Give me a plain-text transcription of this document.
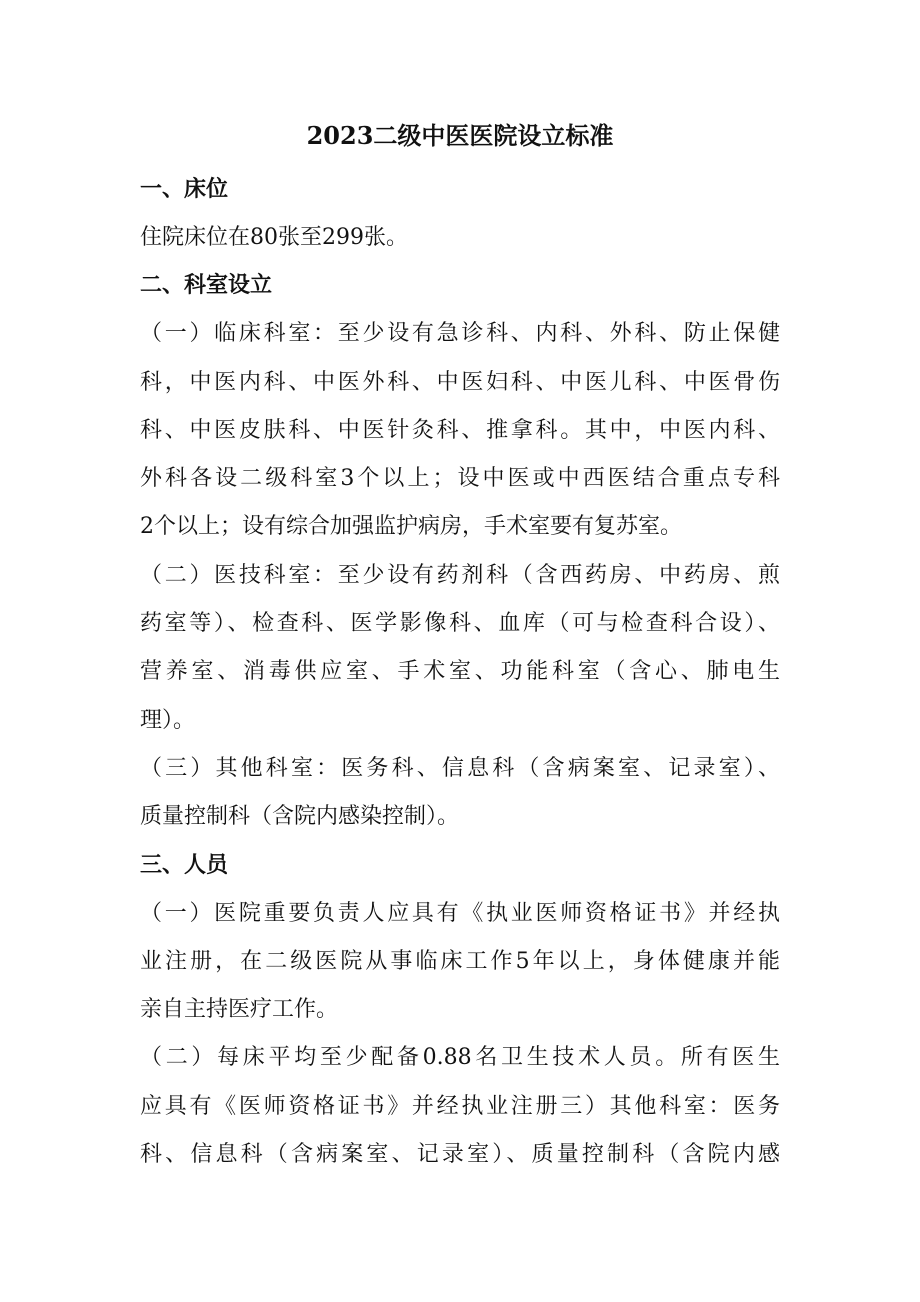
2023二级中医医院设立标准
一、床位
住院床位在80张至299张。
二、科室设立
（一）临床科室：至少设有急诊科、内科、外科、防止保健
科，中医内科、中医外科、中医妇科、中医儿科、中医骨伤
科、中医皮肤科、中医针灸科、推拿科。其中，中医内科、
外科各设二级科室3个以上；设中医或中西医结合重点专科
2个以上；设有综合加强监护病房，手术室要有复苏室。
（二）医技科室：至少设有药剂科（含西药房、中药房、煎
药室等）、检查科、医学影像科、血库（可与检查科合设）、
营养室、消毒供应室、手术室、功能科室（含心、肺电生
理）。
（三）其他科室：医务科、信息科（含病案室、记录室）、
质量控制科（含院内感染控制）。
三、人员
（一）医院重要负责人应具有《执业医师资格证书》并经执
业注册，在二级医院从事临床工作5年以上，身体健康并能
亲自主持医疗工作。
（二）每床平均至少配备0.88名卫生技术人员。所有医生
应具有《医师资格证书》并经执业注册三）其他科室：医务
科、信息科（含病案室、记录室）、质量控制科（含院内感
